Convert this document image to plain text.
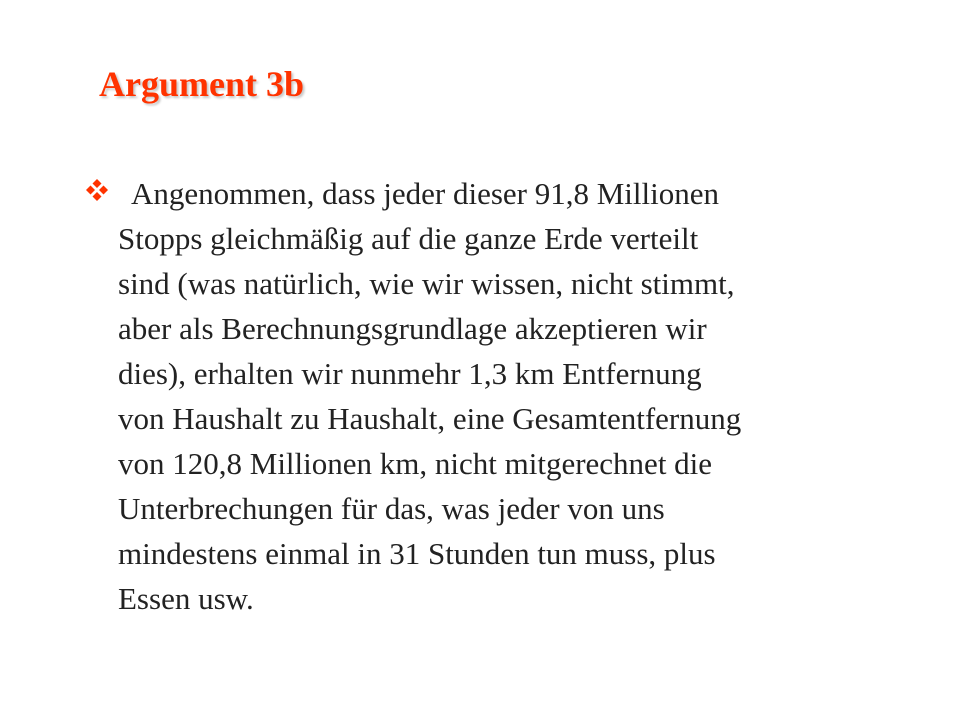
Argument 3b

Angenommen, dass jeder dieser 91,8 Millionen
Stopps gleichmäßig auf die ganze Erde verteilt
sind (was natürlich, wie wir wissen, nicht stimmt,
aber als Berechnungsgrundlage akzeptieren wir
dies), erhalten wir nunmehr 1,3 km Entfernung
von Haushalt zu Haushalt, eine Gesamtentfernung
von 120,8 Millionen km, nicht mitgerechnet die
Unterbrechungen für das, was jeder von uns
mindestens einmal in 31 Stunden tun muss, plus
Essen usw.
